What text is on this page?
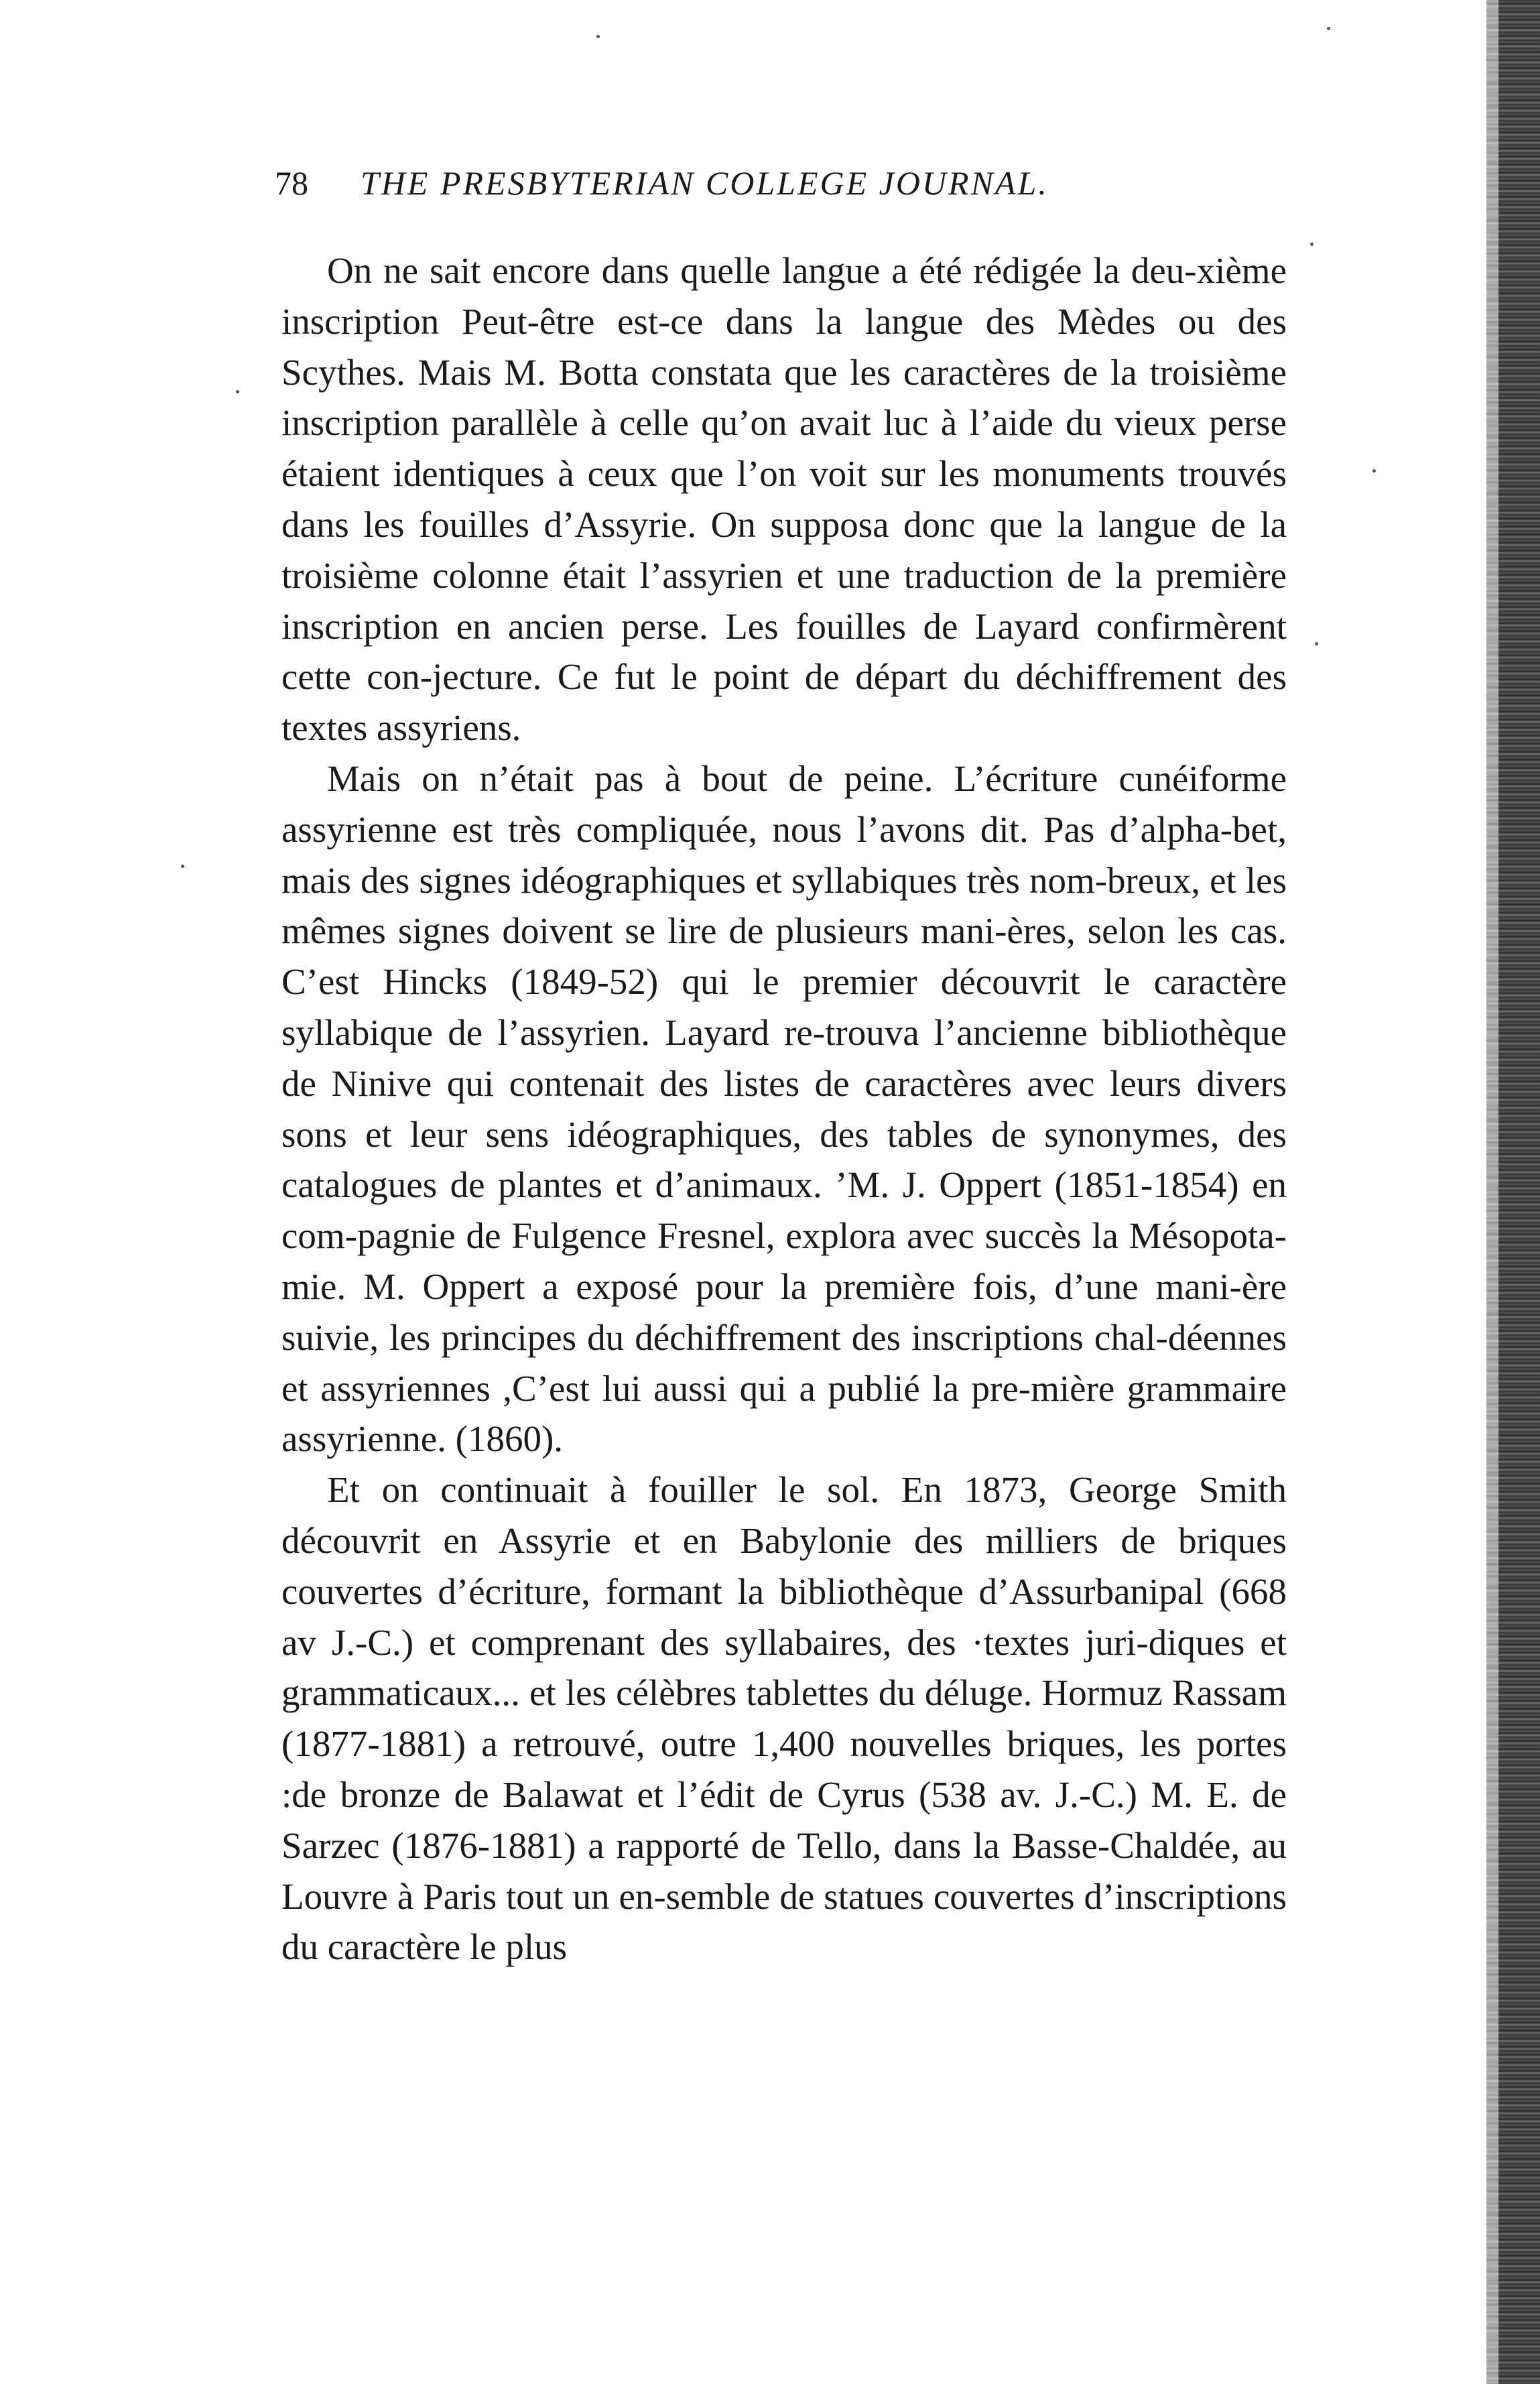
78 THE PRESBYTERIAN COLLEGE JOURNAL.

On ne sait encore dans quelle langue a été rédigée la deu-xième inscription Peut-être est-ce dans la langue des Mèdes ou des Scythes. Mais M. Botta constata que les caractères de la troisième inscription parallèle à celle qu’on avait luc à l’aide du vieux perse étaient identiques à ceux que l’on voit sur les monuments trouvés dans les fouilles d’Assyrie. On supposa donc que la langue de la troisième colonne était l’assyrien et une traduction de la première inscription en ancien perse. Les fouilles de Layard confirmèrent cette con-jecture. Ce fut le point de départ du déchiffrement des textes assyriens.

Mais on n’était pas à bout de peine. L’écriture cunéiforme assyrienne est très compliquée, nous l’avons dit. Pas d’alpha-bet, mais des signes idéographiques et syllabiques très nom-breux, et les mêmes signes doivent se lire de plusieurs mani-ères, selon les cas. C’est Hincks (1849-52) qui le premier découvrit le caractère syllabique de l’assyrien. Layard re-trouva l’ancienne bibliothèque de Ninive qui contenait des listes de caractères avec leurs divers sons et leur sens idéographiques, des tables de synonymes, des catalogues de plantes et d’animaux. ’M. J. Oppert (1851-1854) en com-pagnie de Fulgence Fresnel, explora avec succès la Mésopota-mie. M. Oppert a exposé pour la première fois, d’une mani-ère suivie, les principes du déchiffrement des inscriptions chal-déennes et assyriennes ,C’est lui aussi qui a publié la pre-mière grammaire assyrienne. (1860).

Et on continuait à fouiller le sol. En 1873, George Smith découvrit en Assyrie et en Babylonie des milliers de briques couvertes d’écriture, formant la bibliothèque d’Assurbanipal (668 av J.-C.) et comprenant des syllabaires, des ·textes juri-diques et grammaticaux... et les célèbres tablettes du déluge. Hormuz Rassam (1877-1881) a retrouvé, outre 1,400 nouvelles briques, les portes :de bronze de Balawat et l’édit de Cyrus (538 av. J.-C.) M. E. de Sarzec (1876-1881) a rapporté de Tello, dans la Basse-Chaldée, au Louvre à Paris tout un en-semble de statues couvertes d’inscriptions du caractère le plus
